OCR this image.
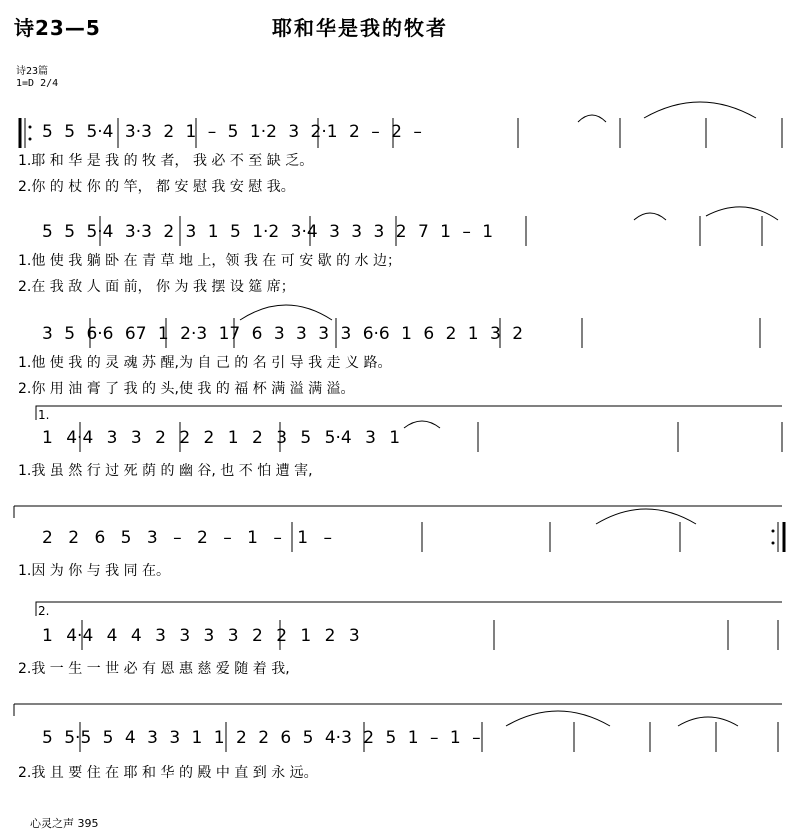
诗23—5	耶和华是我的牧者
诗23篇
1=D 2/4
5 5 5·4 3·3 2 1 – 5 1·2 3 2·1 2 – 2 –
1.耶 和 华 是 我 的 牧 者， 我 必 不 至 缺 乏。
2.你 的 杖 你 的 竿， 都 安 慰 我 安 慰 我。
5 5 5·4 3·3 2 3 1 5 1·2 3·4 3 3 3 2 7 1 – 1
1.他 使 我 躺 卧 在 青 草 地 上，领 我 在 可 安 歇 的 水 边；
2.在 我 敌 人 面 前， 你 为 我 摆 设 筵 席；
3 5 6·6 67 1 2·3 17 6 3 3 3 3 6·6 1 6 2 1 3 2
1.他 使 我 的 灵 魂 苏 醒,为 自 己 的 名 引 导 我 走 义 路。
2.你 用 油 膏 了 我 的 头,使 我 的 福 杯 满 溢 满 溢。
1.
1 4·4 3 3 2 2 2 1 2 3 5 5·4 3 1
1.我 虽 然 行 过 死 荫 的 幽 谷, 也 不 怕 遭 害,
2 2 6 5 3 – 2 – 1 – 1 –
1.因 为 你 与 我 同 在。
2.
1 4·4 4 4 3 3 3 3 2 2 1 2 3
2.我 一 生 一 世 必 有 恩 惠 慈 爱 随 着 我,
5 5·5 5 4 3 3 1 1 2 2 6 5 4·3 2 5 1 – 1 –
2.我 且 要 住 在 耶 和 华 的 殿 中 直 到 永 远。
心灵之声 395
